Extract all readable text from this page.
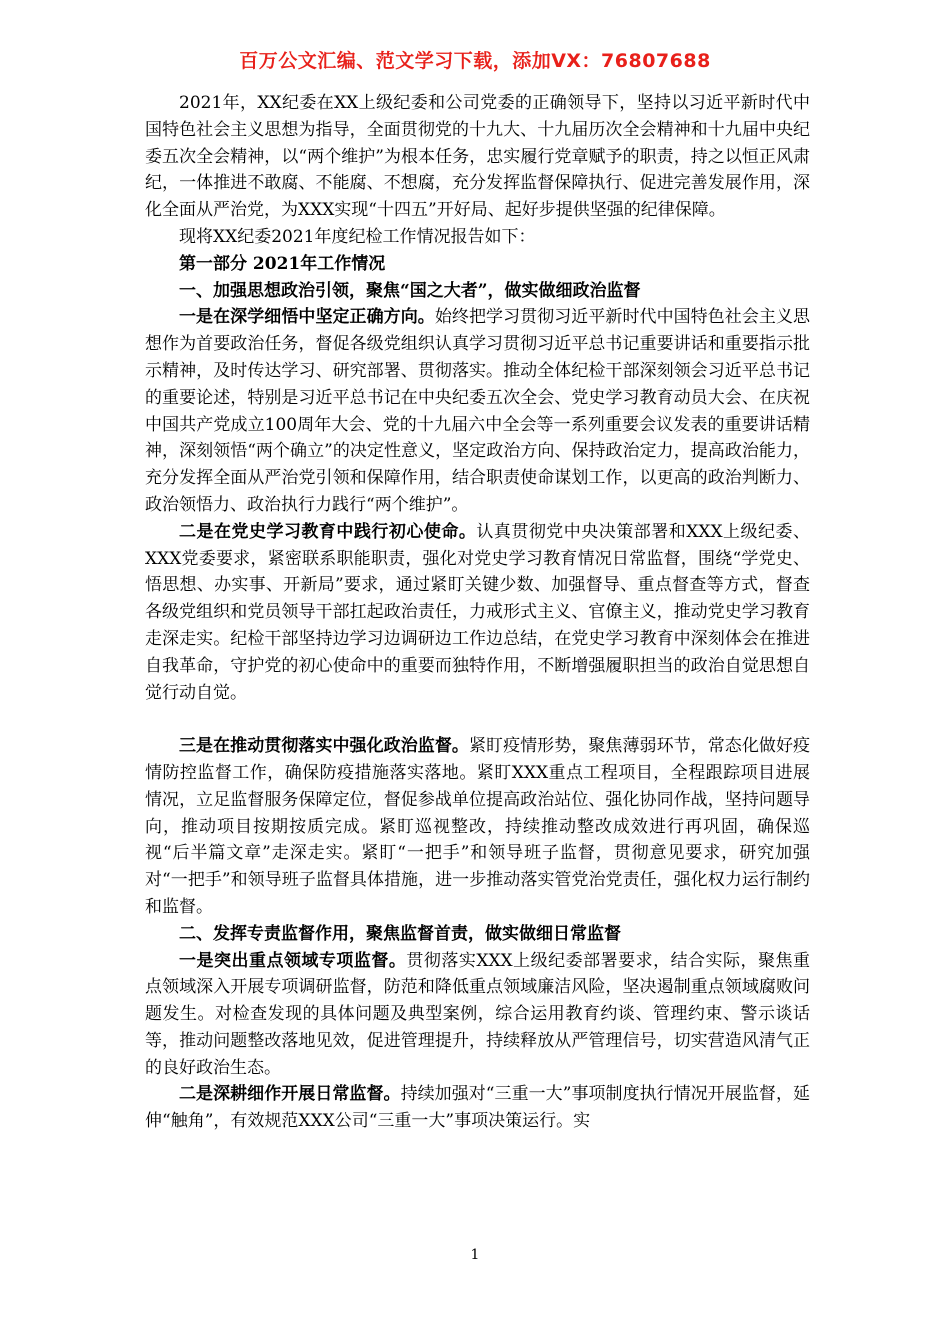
百万公文汇编、范文学习下载，添加VX：76807688

2021年，XX纪委在XX上级纪委和公司党委的正确领导下，坚持以习近平新时代中国特色社会主义思想为指导，全面贯彻党的十九大、十九届历次全会精神和十九届中央纪委五次全会精神，以“两个维护”为根本任务，忠实履行党章赋予的职责，持之以恒正风肃纪，一体推进不敢腐、不能腐、不想腐，充分发挥监督保障执行、促进完善发展作用，深化全面从严治党，为XXX实现“十四五”开好局、起好步提供坚强的纪律保障。

现将XX纪委2021年度纪检工作情况报告如下：

第一部分 2021年工作情况

一、加强思想政治引领，聚焦“国之大者”，做实做细政治监督

一是在深学细悟中坚定正确方向。始终把学习贯彻习近平新时代中国特色社会主义思想作为首要政治任务，督促各级党组织认真学习贯彻习近平总书记重要讲话和重要指示批示精神，及时传达学习、研究部署、贯彻落实。推动全体纪检干部深刻领会习近平总书记的重要论述，特别是习近平总书记在中央纪委五次全会、党史学习教育动员大会、在庆祝中国共产党成立100周年大会、党的十九届六中全会等一系列重要会议发表的重要讲话精神，深刻领悟“两个确立”的决定性意义，坚定政治方向、保持政治定力，提高政治能力，充分发挥全面从严治党引领和保障作用，结合职责使命谋划工作，以更高的政治判断力、政治领悟力、政治执行力践行“两个维护”。

二是在党史学习教育中践行初心使命。认真贯彻党中央决策部署和XXX上级纪委、XXX党委要求，紧密联系职能职责，强化对党史学习教育情况日常监督，围绕“学党史、悟思想、办实事、开新局”要求，通过紧盯关键少数、加强督导、重点督查等方式，督查各级党组织和党员领导干部扛起政治责任，力戒形式主义、官僚主义，推动党史学习教育走深走实。纪检干部坚持边学习边调研边工作边总结，在党史学习教育中深刻体会在推进自我革命，守护党的初心使命中的重要而独特作用，不断增强履职担当的政治自觉思想自觉行动自觉。

三是在推动贯彻落实中强化政治监督。紧盯疫情形势，聚焦薄弱环节，常态化做好疫情防控监督工作，确保防疫措施落实落地。紧盯XXX重点工程项目，全程跟踪项目进展情况，立足监督服务保障定位，督促参战单位提高政治站位、强化协同作战，坚持问题导向，推动项目按期按质完成。紧盯巡视整改，持续推动整改成效进行再巩固，确保巡视“后半篇文章”走深走实。紧盯“一把手”和领导班子监督，贯彻意见要求，研究加强对“一把手”和领导班子监督具体措施，进一步推动落实管党治党责任，强化权力运行制约和监督。

二、发挥专责监督作用，聚焦监督首责，做实做细日常监督

一是突出重点领域专项监督。贯彻落实XXX上级纪委部署要求，结合实际，聚焦重点领域深入开展专项调研监督，防范和降低重点领域廉洁风险，坚决遏制重点领域腐败问题发生。对检查发现的具体问题及典型案例，综合运用教育约谈、管理约束、警示谈话等，推动问题整改落地见效，促进管理提升，持续释放从严管理信号，切实营造风清气正的良好政治生态。

二是深耕细作开展日常监督。持续加强对“三重一大”事项制度执行情况开展监督，延伸“触角”，有效规范XXX公司“三重一大”事项决策运行。实

1
